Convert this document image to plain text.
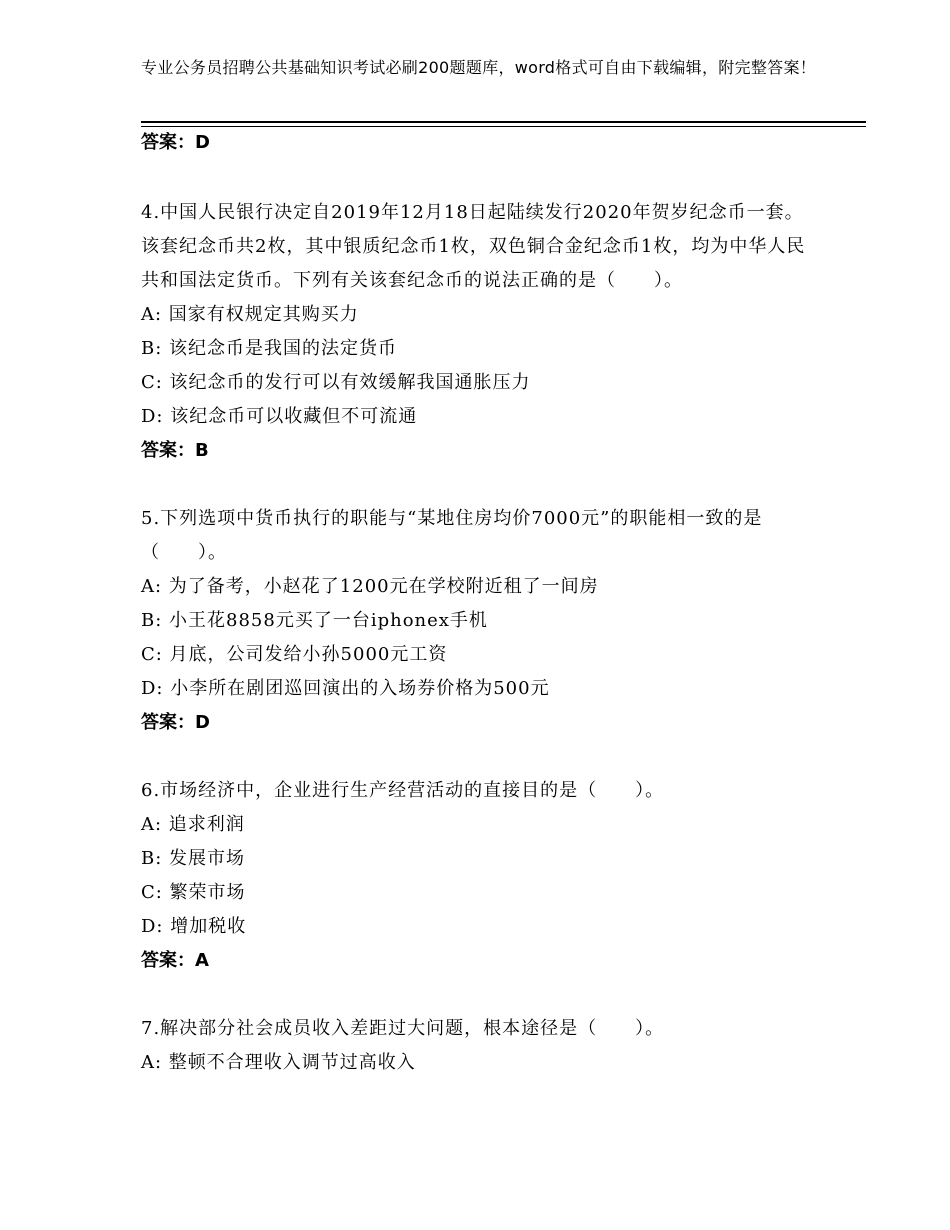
专业公务员招聘公共基础知识考试必刷200题题库，word格式可自由下载编辑，附完整答案！
答案：D
4.中国人民银行决定自2019年12月18日起陆续发行2020年贺岁纪念币一套。该套纪念币共2枚，其中银质纪念币1枚，双色铜合金纪念币1枚，均为中华人民共和国法定货币。下列有关该套纪念币的说法正确的是（　　）。
A: 国家有权规定其购买力
B: 该纪念币是我国的法定货币
C: 该纪念币的发行可以有效缓解我国通胀压力
D: 该纪念币可以收藏但不可流通
答案：B
5.下列选项中货币执行的职能与“某地住房均价7000元”的职能相一致的是（　　）。
A: 为了备考，小赵花了1200元在学校附近租了一间房
B: 小王花8858元买了一台iphonex手机
C: 月底，公司发给小孙5000元工资
D: 小李所在剧团巡回演出的入场券价格为500元
答案：D
6.市场经济中，企业进行生产经营活动的直接目的是（　　）。
A: 追求利润
B: 发展市场
C: 繁荣市场
D: 增加税收
答案：A
7.解决部分社会成员收入差距过大问题，根本途径是（　　）。
A: 整顿不合理收入调节过高收入
